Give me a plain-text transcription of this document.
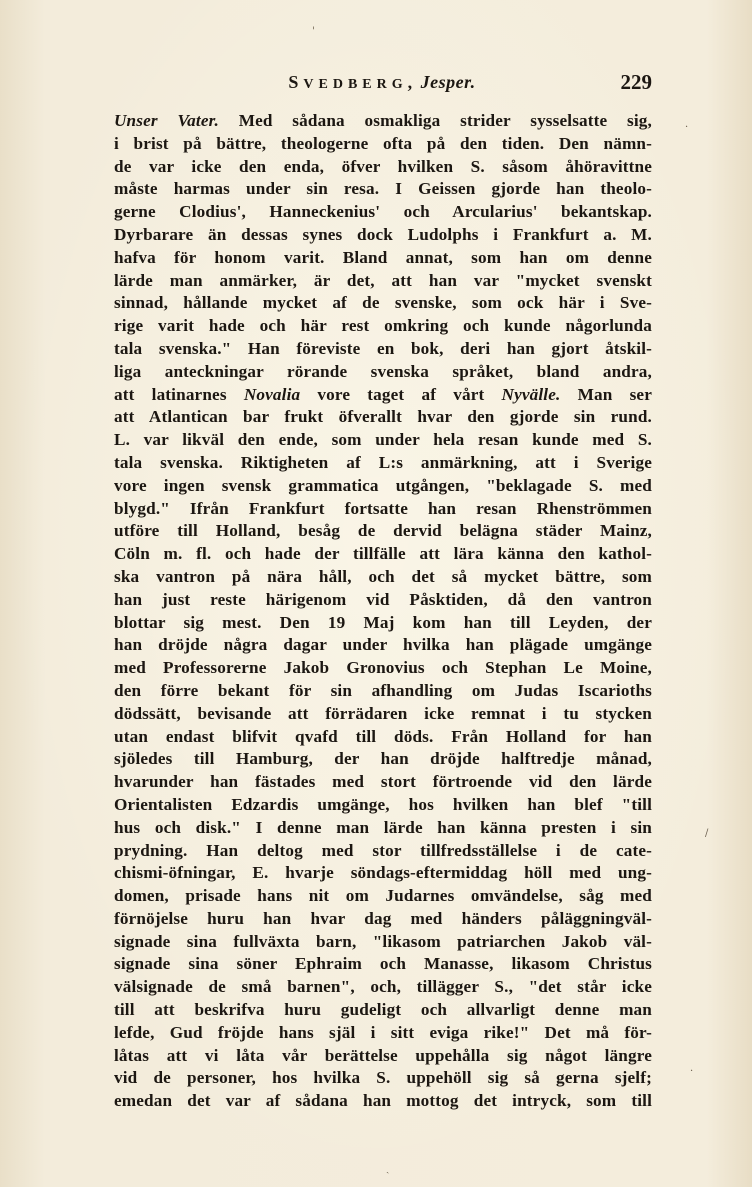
SVEDBERG, Jesper.	229
Unser Vater. Med sådana osmakliga strider sysselsatte sig,
i brist på bättre, theologerne ofta på den tiden. Den nämn-
de var icke den enda, öfver hvilken S. såsom åhöravittne
måste harmas under sin resa. I Geissen gjorde han theolo-
gerne Clodius', Hanneckenius' och Arcularius' bekantskap.
Dyrbarare än dessas synes dock Ludolphs i Frankfurt a. M.
hafva för honom varit. Bland annat, som han om denne
lärde man anmärker, är det, att han var "mycket svenskt
sinnad, hållande mycket af de svenske, som ock här i Sve-
rige varit hade och här rest omkring och kunde någorlunda
tala svenska." Han föreviste en bok, deri han gjort åtskil-
liga anteckningar rörande svenska språket, bland andra,
att latinarnes Novalia vore taget af vårt Nyvälle. Man ser
att Atlantican bar frukt öfverallt hvar den gjorde sin rund.
L. var likväl den ende, som under hela resan kunde med S.
tala svenska. Riktigheten af L:s anmärkning, att i Sverige
vore ingen svensk grammatica utgången, "beklagade S. med
blygd." Ifrån Frankfurt fortsatte han resan Rhenströmmen
utföre till Holland, besåg de dervid belägna städer Mainz,
Cöln m. fl. och hade der tillfälle att lära känna den kathol-
ska vantron på nära håll, och det så mycket bättre, som
han just reste härigenom vid Påsktiden, då den vantron
blottar sig mest. Den 19 Maj kom han till Leyden, der
han dröjde några dagar under hvilka han plägade umgänge
med Professorerne Jakob Gronovius och Stephan Le Moine,
den förre bekant för sin afhandling om Judas Iscarioths
dödssätt, bevisande att förrädaren icke remnat i tu stycken
utan endast blifvit qvafd till döds. Från Holland for han
sjöledes till Hamburg, der han dröjde halftredje månad,
hvarunder han fästades med stort förtroende vid den lärde
Orientalisten Edzardis umgänge, hos hvilken han blef "till
hus och disk." I denne man lärde han känna presten i sin
prydning. Han deltog med stor tillfredsställelse i de cate-
chismi-öfningar, E. hvarje söndags-eftermiddag höll med ung-
domen, prisade hans nit om Judarnes omvändelse, såg med
förnöjelse huru han hvar dag med händers påläggningväl-
signade sina fullväxta barn, "likasom patriarchen Jakob väl-
signade sina söner Ephraim och Manasse, likasom Christus
välsignade de små barnen", och, tillägger S., "det står icke
till att beskrifva huru gudeligt och allvarligt denne man
lefde, Gud fröjde hans själ i sitt eviga rike!" Det må för-
låtas att vi låta vår berättelse uppehålla sig något längre
vid de personer, hos hvilka S. uppehöll sig så gerna sjelf;
emedan det var af sådana han mottog det intryck, som till
'
·
/
·
ˏ
